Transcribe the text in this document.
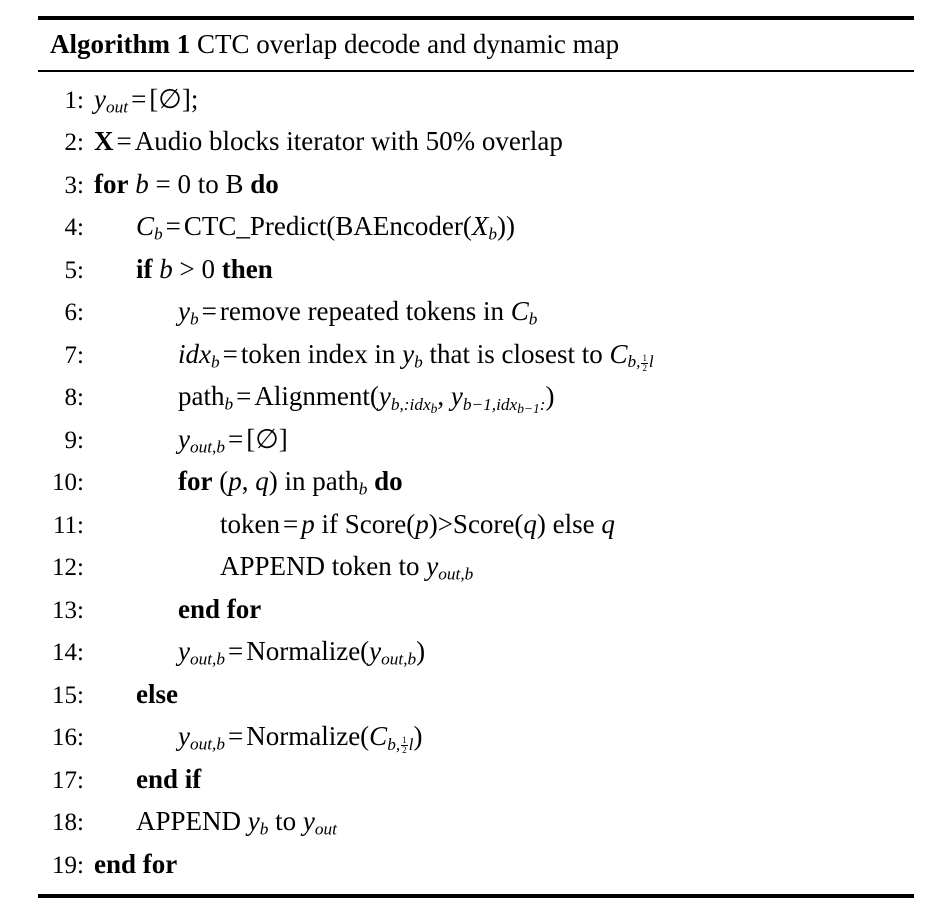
Algorithm 1 CTC overlap decode and dynamic map
1: $y_{out}$ = [∅];
2: X = Audio blocks iterator with 50% overlap
3: for b = 0 to B do
4:	$C_b$ = $CTC\_Predict(BAEncoder(X_b))$
5:	if b > 0 then
6:	$y_b$ = remove repeated tokens in $C_b$
7:	idx$_b$ = token index in $y_b$ that is closest to $C_{b, \frac{1}{2} l}$
8:	path$_b$ = $Alignment(y_{b,:idx_b}$, $y_{b-1,idx_{b-1}:}$)
9:	$y_{out,b}$ = [∅]
10:	for (p, q) in path$_b$ do
11:	token = p if Score(p)>Score(q) else q
12:	APPEND token to $y_{out,b}$
13:	end for
14:	$y_{out,b}$ = $Normalize(y_{out,b})$
15:	else
16:	$y_{out,b}$ = $Normalize(C_{b, \frac{1}{2} l})$
17:	end if
18:	APPEND $y_b$ to $y_{out}$
19: end for
